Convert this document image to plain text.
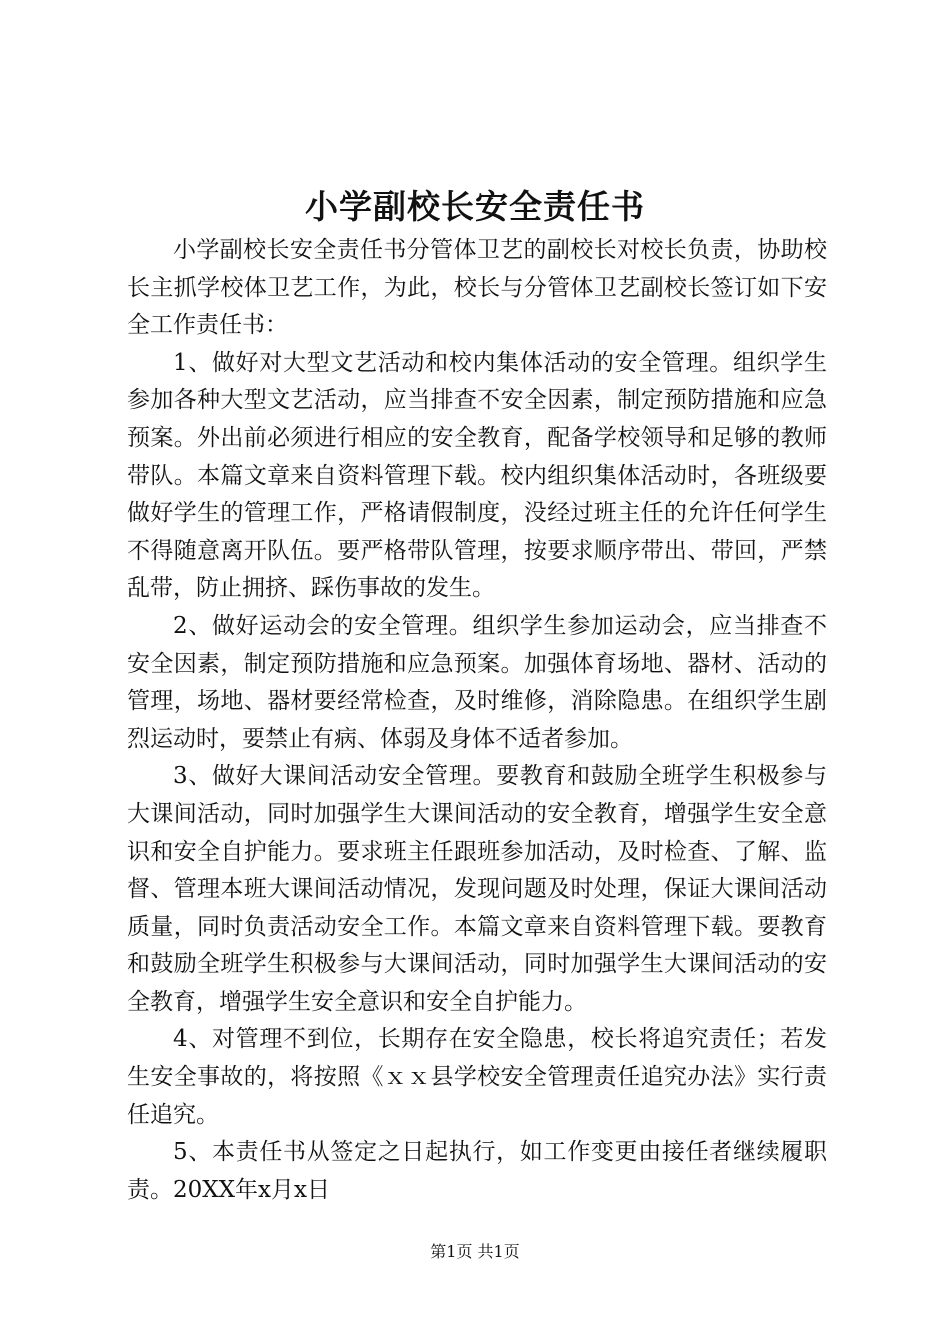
小学副校长安全责任书

小学副校长安全责任书分管体卫艺的副校长对校长负责，协助校长主抓学校体卫艺工作，为此，校长与分管体卫艺副校长签订如下安全工作责任书：

1、做好对大型文艺活动和校内集体活动的安全管理。组织学生参加各种大型文艺活动，应当排查不安全因素，制定预防措施和应急预案。外出前必须进行相应的安全教育，配备学校领导和足够的教师带队。本篇文章来自资料管理下载。校内组织集体活动时，各班级要做好学生的管理工作，严格请假制度，没经过班主任的允许任何学生不得随意离开队伍。要严格带队管理，按要求顺序带出、带回，严禁乱带，防止拥挤、踩伤事故的发生。

2、做好运动会的安全管理。组织学生参加运动会，应当排查不安全因素，制定预防措施和应急预案。加强体育场地、器材、活动的管理，场地、器材要经常检查，及时维修，消除隐患。在组织学生剧烈运动时，要禁止有病、体弱及身体不适者参加。

3、做好大课间活动安全管理。要教育和鼓励全班学生积极参与大课间活动，同时加强学生大课间活动的安全教育，增强学生安全意识和安全自护能力。要求班主任跟班参加活动，及时检查、了解、监督、管理本班大课间活动情况，发现问题及时处理，保证大课间活动质量，同时负责活动安全工作。本篇文章来自资料管理下载。要教育和鼓励全班学生积极参与大课间活动，同时加强学生大课间活动的安全教育，增强学生安全意识和安全自护能力。

4、对管理不到位，长期存在安全隐患，校长将追究责任；若发生安全事故的，将按照《ｘｘ县学校安全管理责任追究办法》实行责任追究。

5、本责任书从签定之日起执行，如工作变更由接任者继续履职责。20XX年x月x日

第1页 共1页
